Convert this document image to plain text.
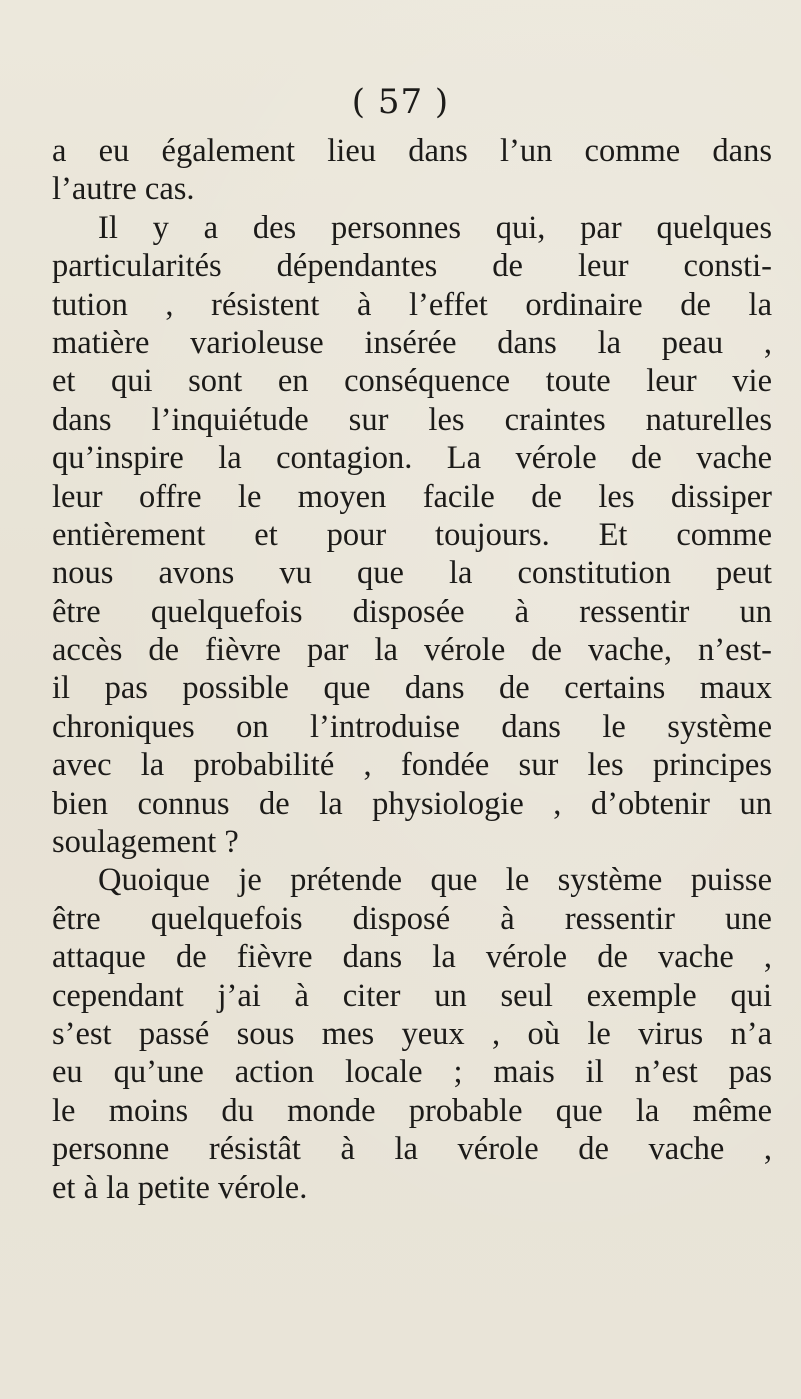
( 57 )
a eu également lieu dans l’un comme dans
l’autre cas.
Il y a des personnes qui, par quelques
particularités dépendantes de leur consti-
tution , résistent à l’effet ordinaire de la
matière varioleuse insérée dans la peau ,
et qui sont en conséquence toute leur vie
dans l’inquiétude sur les craintes naturelles
qu’inspire la contagion. La vérole de vache
leur offre le moyen facile de les dissiper
entièrement et pour toujours. Et comme
nous avons vu que la constitution peut
être quelquefois disposée à ressentir un
accès de fièvre par la vérole de vache, n’est-
il pas possible que dans de certains maux
chroniques on l’introduise dans le système
avec la probabilité , fondée sur les principes
bien connus de la physiologie , d’obtenir un
soulagement ?
Quoique je prétende que le système puisse
être quelquefois disposé à ressentir une
attaque de fièvre dans la vérole de vache ,
cependant j’ai à citer un seul exemple qui
s’est passé sous mes yeux , où le virus n’a
eu qu’une action locale ; mais il n’est pas
le moins du monde probable que la même
personne résistât à la vérole de vache ,
et à la petite vérole.
